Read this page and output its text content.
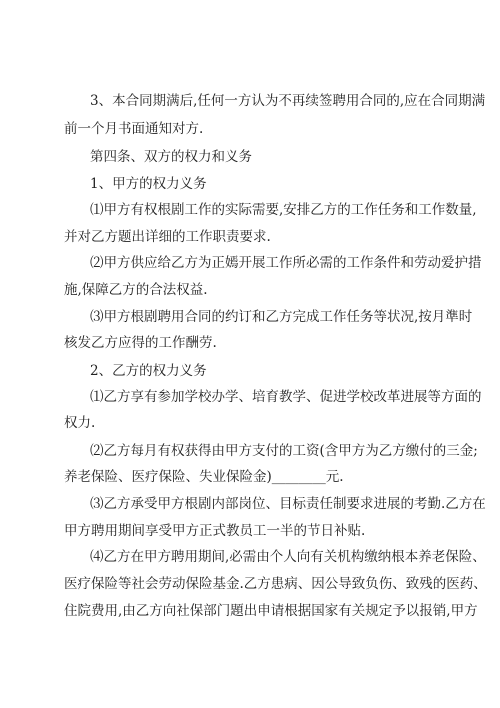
3、本合同期满后,任何一方认为不再续签聘用合同的,应在合同期满
前一个月书面通知对方.
第四条、双方的权力和义务
1、甲方的权力义务
⑴甲方有权根剧工作的实际需要,安排乙方的工作任务和工作数量,
并对乙方题出详细的工作职责要求.
⑵甲方供应给乙方为正嫣开展工作所必需的工作条件和劳动爱护措
施,保障乙方的合法权益.
⑶甲方根剧聘用合同的约订和乙方完成工作任务等状况,按月準时
核发乙方应得的工作酬劳.
2、乙方的权力义务
⑴乙方享有参加学校办学、培育教学、促进学校改革进展等方面的
权力.
⑵乙方每月有权获得由甲方支付的工资(含甲方为乙方缴付的三金;
养老保险、医疗保险、失业保险金)________元.
⑶乙方承受甲方根剧内部岗位、目标责任制要求进展的考勤.乙方在
甲方聘用期间享受甲方正式教员工一半的节日补贴.
⑷乙方在甲方聘用期间,必需由个人向有关机构缴纳根本养老保险、
医疗保险等社会劳动保险基金.乙方患病、因公导致负伤、致残的医药、
住院费用,由乙方向社保部门題出申请根据国家有关规定予以报销,甲方
